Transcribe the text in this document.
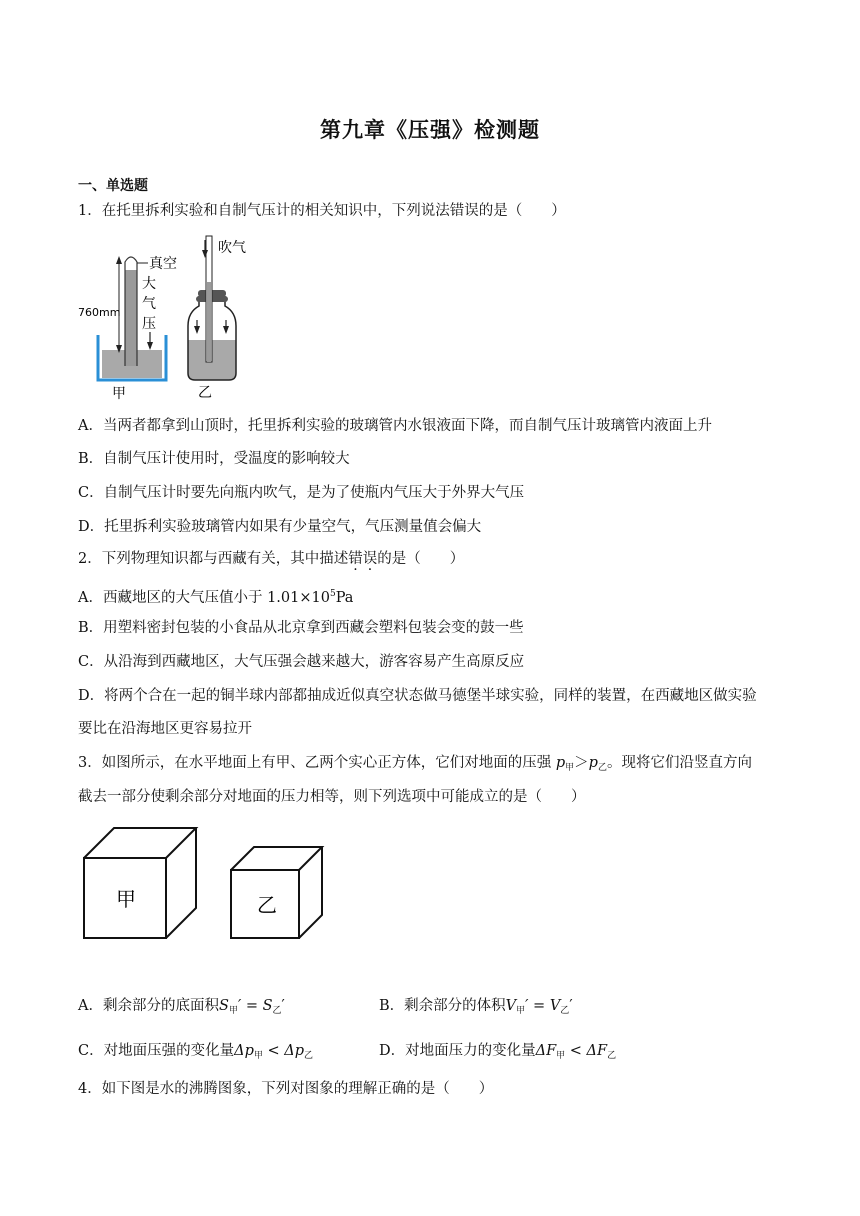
第九章《压强》检测题
一、单选题
1．在托里拆利实验和自制气压计的相关知识中，下列说法错误的是（　　）
真空
大
气
压
760mm
甲
吹气
乙
A．当两者都拿到山顶时，托里拆利实验的玻璃管内水银液面下降，而自制气压计玻璃管内液面上升
B．自制气压计使用时，受温度的影响较大
C．自制气压计时要先向瓶内吹气，是为了使瓶内气压大于外界大气压
D．托里拆利实验玻璃管内如果有少量空气，气压测量值会偏大
2．下列物理知识都与西藏有关，其中描述错误的是（　　）
A．西藏地区的大气压值小于 $1.01\times 10^5Pa$
B．用塑料密封包装的小食品从北京拿到西藏会塑料包装会变的鼓一些
C．从沿海到西藏地区，大气压强会越来越大，游客容易产生高原反应
D．将两个合在一起的铜半球内部都抽成近似真空状态做马德堡半球实验，同样的装置，在西藏地区做实验
要比在沿海地区更容易拉开
3．如图所示，在水平地面上有甲、乙两个实心正方体，它们对地面的压强 $p_甲>p_乙$。现将它们沿竖直方向
截去一部分使剩余部分对地面的压力相等，则下列选项中可能成立的是（　　）
甲	乙
A．剩余部分的底面积$S_甲' = S_乙'$	B．剩余部分的体积$V_甲' = V_乙'$
C．对地面压强的变化量$\Delta p_甲 < \Delta p_乙$	D．对地面压力的变化量$\Delta F_甲 < \Delta F_乙$
4．如下图是水的沸腾图象，下列对图象的理解正确的是（　　）
